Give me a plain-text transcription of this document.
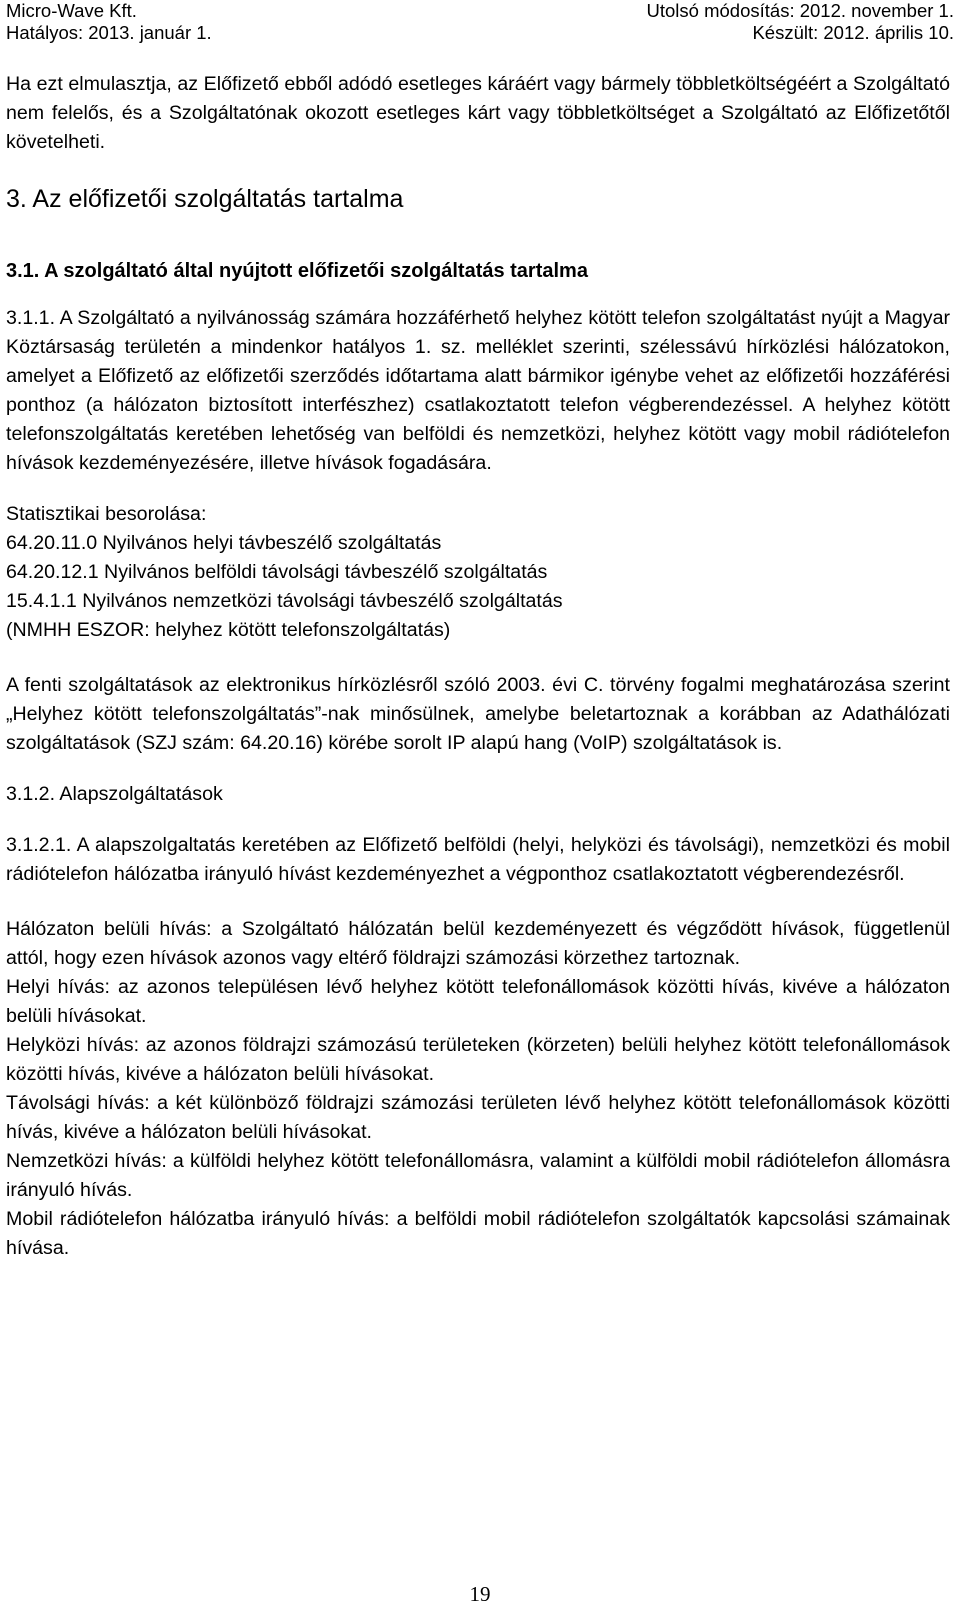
Micro-Wave Kft.	Utolsó módosítás: 2012. november 1.
Hatályos: 2013. január 1.	Készült: 2012. április 10.

Ha ezt elmulasztja, az Előfizető ebből adódó esetleges káráért vagy bármely többletköltségéért a Szolgáltató nem felelős, és a Szolgáltatónak okozott esetleges kárt vagy többletköltséget a Szolgáltató az Előfizetőtől követelheti.

3. Az előfizetői szolgáltatás tartalma

3.1. A szolgáltató által nyújtott előfizetői szolgáltatás tartalma

3.1.1. A Szolgáltató a nyilvánosság számára hozzáférhető helyhez kötött telefon szolgáltatást nyújt a Magyar Köztársaság területén a mindenkor hatályos 1. sz. melléklet szerinti, szélessávú hírközlési hálózatokon, amelyet a Előfizető az előfizetői szerződés időtartama alatt bármikor igénybe vehet az előfizetői hozzáférési ponthoz (a hálózaton biztosított interfészhez) csatlakoztatott telefon végberendezéssel. A helyhez kötött telefonszolgáltatás keretében lehetőség van belföldi és nemzetközi, helyhez kötött vagy mobil rádiótelefon hívások kezdeményezésére, illetve hívások fogadására.

Statisztikai besorolása:

64.20.11.0 Nyilvános helyi távbeszélő szolgáltatás

64.20.12.1 Nyilvános belföldi távolsági távbeszélő szolgáltatás

15.4.1.1 Nyilvános nemzetközi távolsági távbeszélő szolgáltatás

(NMHH ESZOR: helyhez kötött telefonszolgáltatás)

A fenti szolgáltatások az elektronikus hírközlésről szóló 2003. évi C. törvény fogalmi meghatározása szerint „Helyhez kötött telefonszolgáltatás”-nak minősülnek, amelybe beletartoznak a korábban az Adathálózati szolgáltatások (SZJ szám: 64.20.16) körébe sorolt IP alapú hang (VoIP) szolgáltatások is.

3.1.2. Alapszolgáltatások

3.1.2.1. A alapszolgaltatás keretében az Előfizető belföldi (helyi, helyközi és távolsági), nemzetközi és mobil rádiótelefon hálózatba irányuló hívást kezdeményezhet a végponthoz csatlakoztatott végberendezésről.

Hálózaton belüli hívás: a Szolgáltató hálózatán belül kezdeményezett és végződött hívások, függetlenül attól, hogy ezen hívások azonos vagy eltérő földrajzi számozási körzethez tartoznak.

Helyi hívás: az azonos településen lévő helyhez kötött telefonállomások közötti hívás, kivéve a hálózaton belüli hívásokat.

Helyközi hívás: az azonos földrajzi számozású területeken (körzeten) belüli helyhez kötött telefonállomások közötti hívás, kivéve a hálózaton belüli hívásokat.

Távolsági hívás: a két különböző földrajzi számozási területen lévő helyhez kötött telefonállomások közötti hívás, kivéve a hálózaton belüli hívásokat.

Nemzetközi hívás: a külföldi helyhez kötött telefonállomásra, valamint a külföldi mobil rádiótelefon állomásra irányuló hívás.

Mobil rádiótelefon hálózatba irányuló hívás: a belföldi mobil rádiótelefon szolgáltatók kapcsolási számainak hívása.

19
